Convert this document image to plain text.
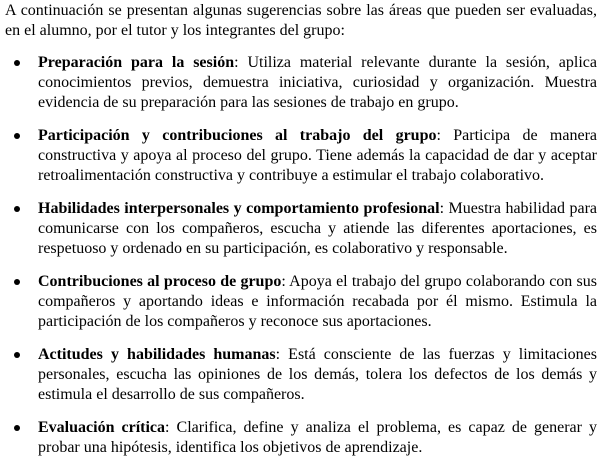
A continuación se presentan algunas sugerencias sobre las áreas que pueden ser evaluadas, en el alumno, por el tutor y los integrantes del grupo:

Preparación para la sesión: Utiliza material relevante durante la sesión, aplica conocimientos previos, demuestra iniciativa, curiosidad y organización. Muestra evidencia de su preparación para las sesiones de trabajo en grupo.
Participación y contribuciones al trabajo del grupo: Participa de manera constructiva y apoya al proceso del grupo. Tiene además la capacidad de dar y aceptar retroalimentación constructiva y contribuye a estimular el trabajo colaborativo.
Habilidades interpersonales y comportamiento profesional: Muestra habilidad para comunicarse con los compañeros, escucha y atiende las diferentes aportaciones, es respetuoso y ordenado en su participación, es colaborativo y responsable.
Contribuciones al proceso de grupo: Apoya el trabajo del grupo colaborando con sus compañeros y aportando ideas e información recabada por él mismo. Estimula la participación de los compañeros y reconoce sus aportaciones.
Actitudes y habilidades humanas: Está consciente de las fuerzas y limitaciones personales, escucha las opiniones de los demás, tolera los defectos de los demás y estimula el desarrollo de sus compañeros.
Evaluación crítica: Clarifica, define y analiza el problema, es capaz de generar y probar una hipótesis, identifica los objetivos de aprendizaje.
